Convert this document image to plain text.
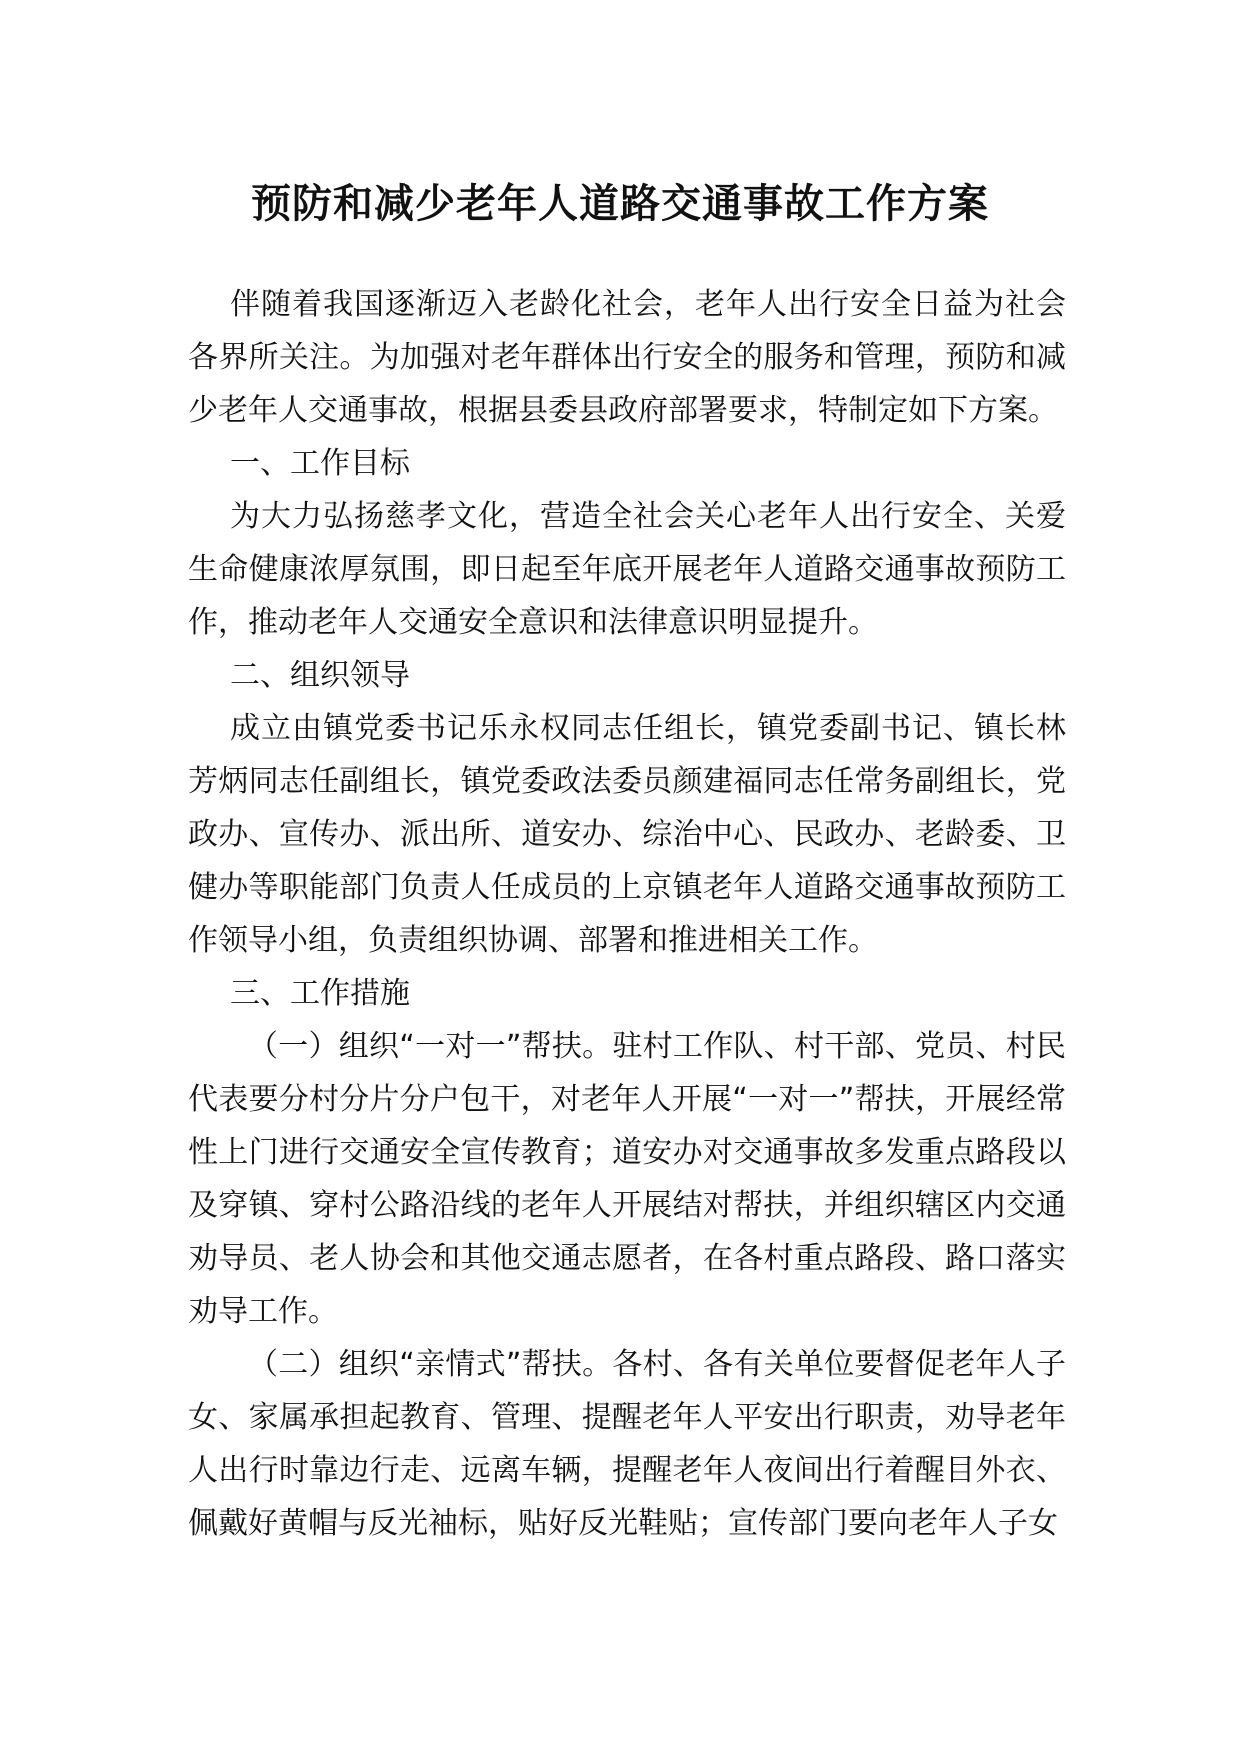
预防和减少老年人道路交通事故工作方案

伴随着我国逐渐迈入老龄化社会，老年人出行安全日益为社会各界所关注。为加强对老年群体出行安全的服务和管理，预防和减少老年人交通事故，根据县委县政府部署要求，特制定如下方案。

一、工作目标

为大力弘扬慈孝文化，营造全社会关心老年人出行安全、关爱生命健康浓厚氛围，即日起至年底开展老年人道路交通事故预防工作，推动老年人交通安全意识和法律意识明显提升。

二、组织领导

成立由镇党委书记乐永权同志任组长，镇党委副书记、镇长林芳炳同志任副组长，镇党委政法委员颜建福同志任常务副组长，党政办、宣传办、派出所、道安办、综治中心、民政办、老龄委、卫健办等职能部门负责人任成员的上京镇老年人道路交通事故预防工作领导小组，负责组织协调、部署和推进相关工作。

三、工作措施

（一）组织“一对一”帮扶。驻村工作队、村干部、党员、村民代表要分村分片分户包干，对老年人开展“一对一”帮扶，开展经常性上门进行交通安全宣传教育；道安办对交通事故多发重点路段以及穿镇、穿村公路沿线的老年人开展结对帮扶，并组织辖区内交通劝导员、老人协会和其他交通志愿者，在各村重点路段、路口落实劝导工作。

（二）组织“亲情式”帮扶。各村、各有关单位要督促老年人子女、家属承担起教育、管理、提醒老年人平安出行职责，劝导老年人出行时靠边行走、远离车辆，提醒老年人夜间出行着醒目外衣、佩戴好黄帽与反光袖标，贴好反光鞋贴；宣传部门要向老年人子女
